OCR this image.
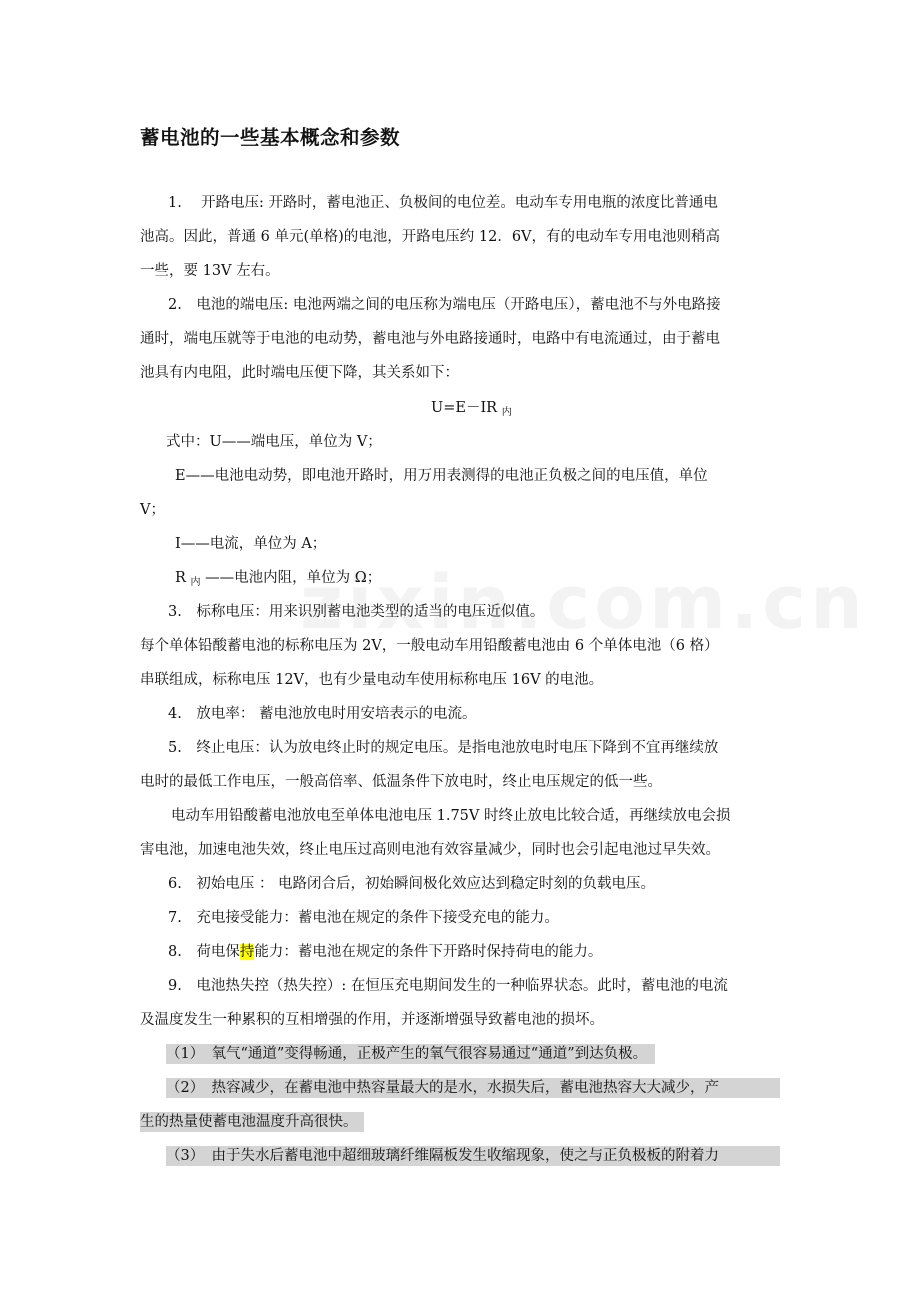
蓄电池的一些基本概念和参数
1.　 开路电压: 开路时，蓄电池正、负极间的电位差。电动车专用电瓶的浓度比普通电
池高。因此，普通 6 单元(单格)的电池，开路电压约 12．6V，有的电动车专用电池则稍高
一些，要 13V 左右。
2.　电池的端电压: 电池两端之间的电压称为端电压（开路电压），蓄电池不与外电路接
通时，端电压就等于电池的电动势，蓄电池与外电路接通时，电路中有电流通过，由于蓄电
池具有内电阻，此时端电压便下降，其关系如下：
U=E－IR $_内$
式中：U——端电压，单位为 V；
E——电池电动势，即电池开路时，用万用表测得的电池正负极之间的电压值，单位
V；
I——电流，单位为 A；
R $_内$ ——电池内阻，单位为 Ω；
3.　标称电压：用来识别蓄电池类型的适当的电压近似值。
每个单体铅酸蓄电池的标称电压为 2V，一般电动车用铅酸蓄电池由 6 个单体电池（6 格）
串联组成，标称电压 12V，也有少量电动车使用标称电压 16V 的电池。
4.　放电率： 蓄电池放电时用安培表示的电流。
5.　终止电压：认为放电终止时的规定电压。是指电池放电时电压下降到不宜再继续放
电时的最低工作电压，一般高倍率、低温条件下放电时，终止电压规定的低一些。
电动车用铅酸蓄电池放电至单体电池电压 1.75V 时终止放电比较合适，再继续放电会损
害电池，加速电池失效，终止电压过高则电池有效容量减少，同时也会引起电池过早失效。
6.　初始电压 ： 电路闭合后，初始瞬间极化效应达到稳定时刻的负载电压。
7.　充电接受能力：蓄电池在规定的条件下接受充电的能力。
8.　荷电保持能力：蓄电池在规定的条件下开路时保持荷电的能力。
9.　电池热失控（热失控）: 在恒压充电期间发生的一种临界状态。此时，蓄电池的电流
及温度发生一种累积的互相增强的作用，并逐渐增强导致蓄电池的损坏。
（1）　氧气“通道”变得畅通，正极产生的氧气很容易通过“通道”到达负极。
（2）　热容减少，在蓄电池中热容量最大的是水，水损失后，蓄电池热容大大减少，产
生的热量使蓄电池温度升高很快。
（3）　由于失水后蓄电池中超细玻璃纤维隔板发生收缩现象，使之与正负极板的附着力
